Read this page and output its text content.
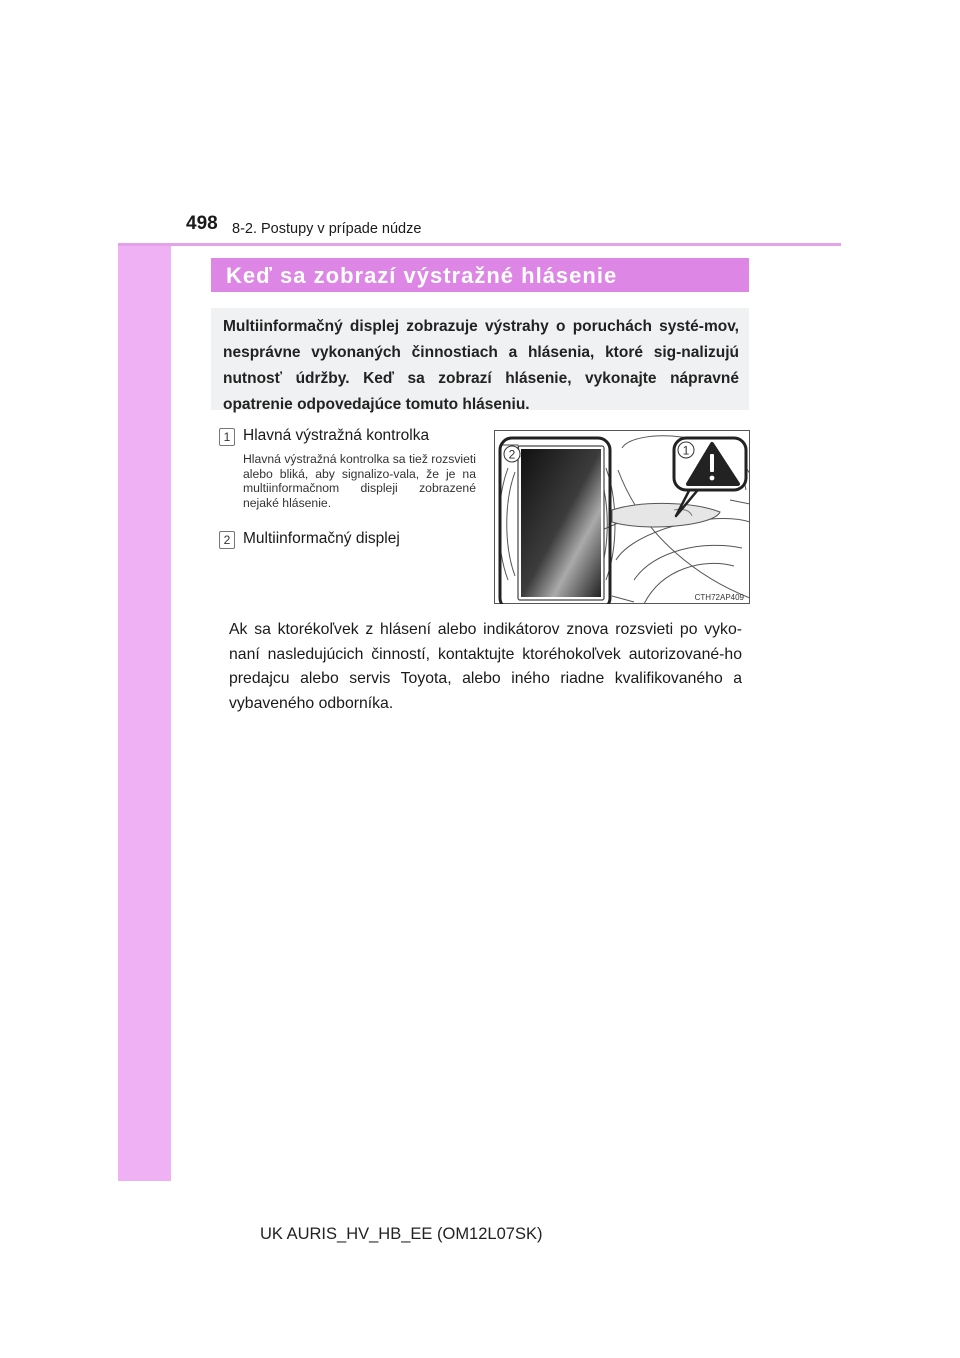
498 8-2. Postupy v prípade núdze
Keď sa zobrazí výstražné hlásenie

Multiinformačný displej zobrazuje výstrahy o poruchách systé-mov, nesprávne vykonaných činnostiach a hlásenia, ktoré sig-nalizujú nutnosť údržby. Keď sa zobrazí hlásenie, vykonajte nápravné opatrenie odpovedajúce tomuto hláseniu.

1 Hlavná výstražná kontrolka

Hlavná výstražná kontrolka sa tiež rozsvieti alebo bliká, aby signalizo-vala, že je na multiinformačnom displeji zobrazené nejaké hlásenie.

2 Multiinformačný displej
2	1
CTH72AP409

Ak sa ktorékoľvek z hlásení alebo indikátorov znova rozsvieti po vyko-naní nasledujúcich činností, kontaktujte ktoréhokoľvek autorizované-ho predajcu alebo servis Toyota, alebo iného riadne kvalifikovaného a vybaveného odborníka.

UK AURIS_HV_HB_EE (OM12L07SK)
